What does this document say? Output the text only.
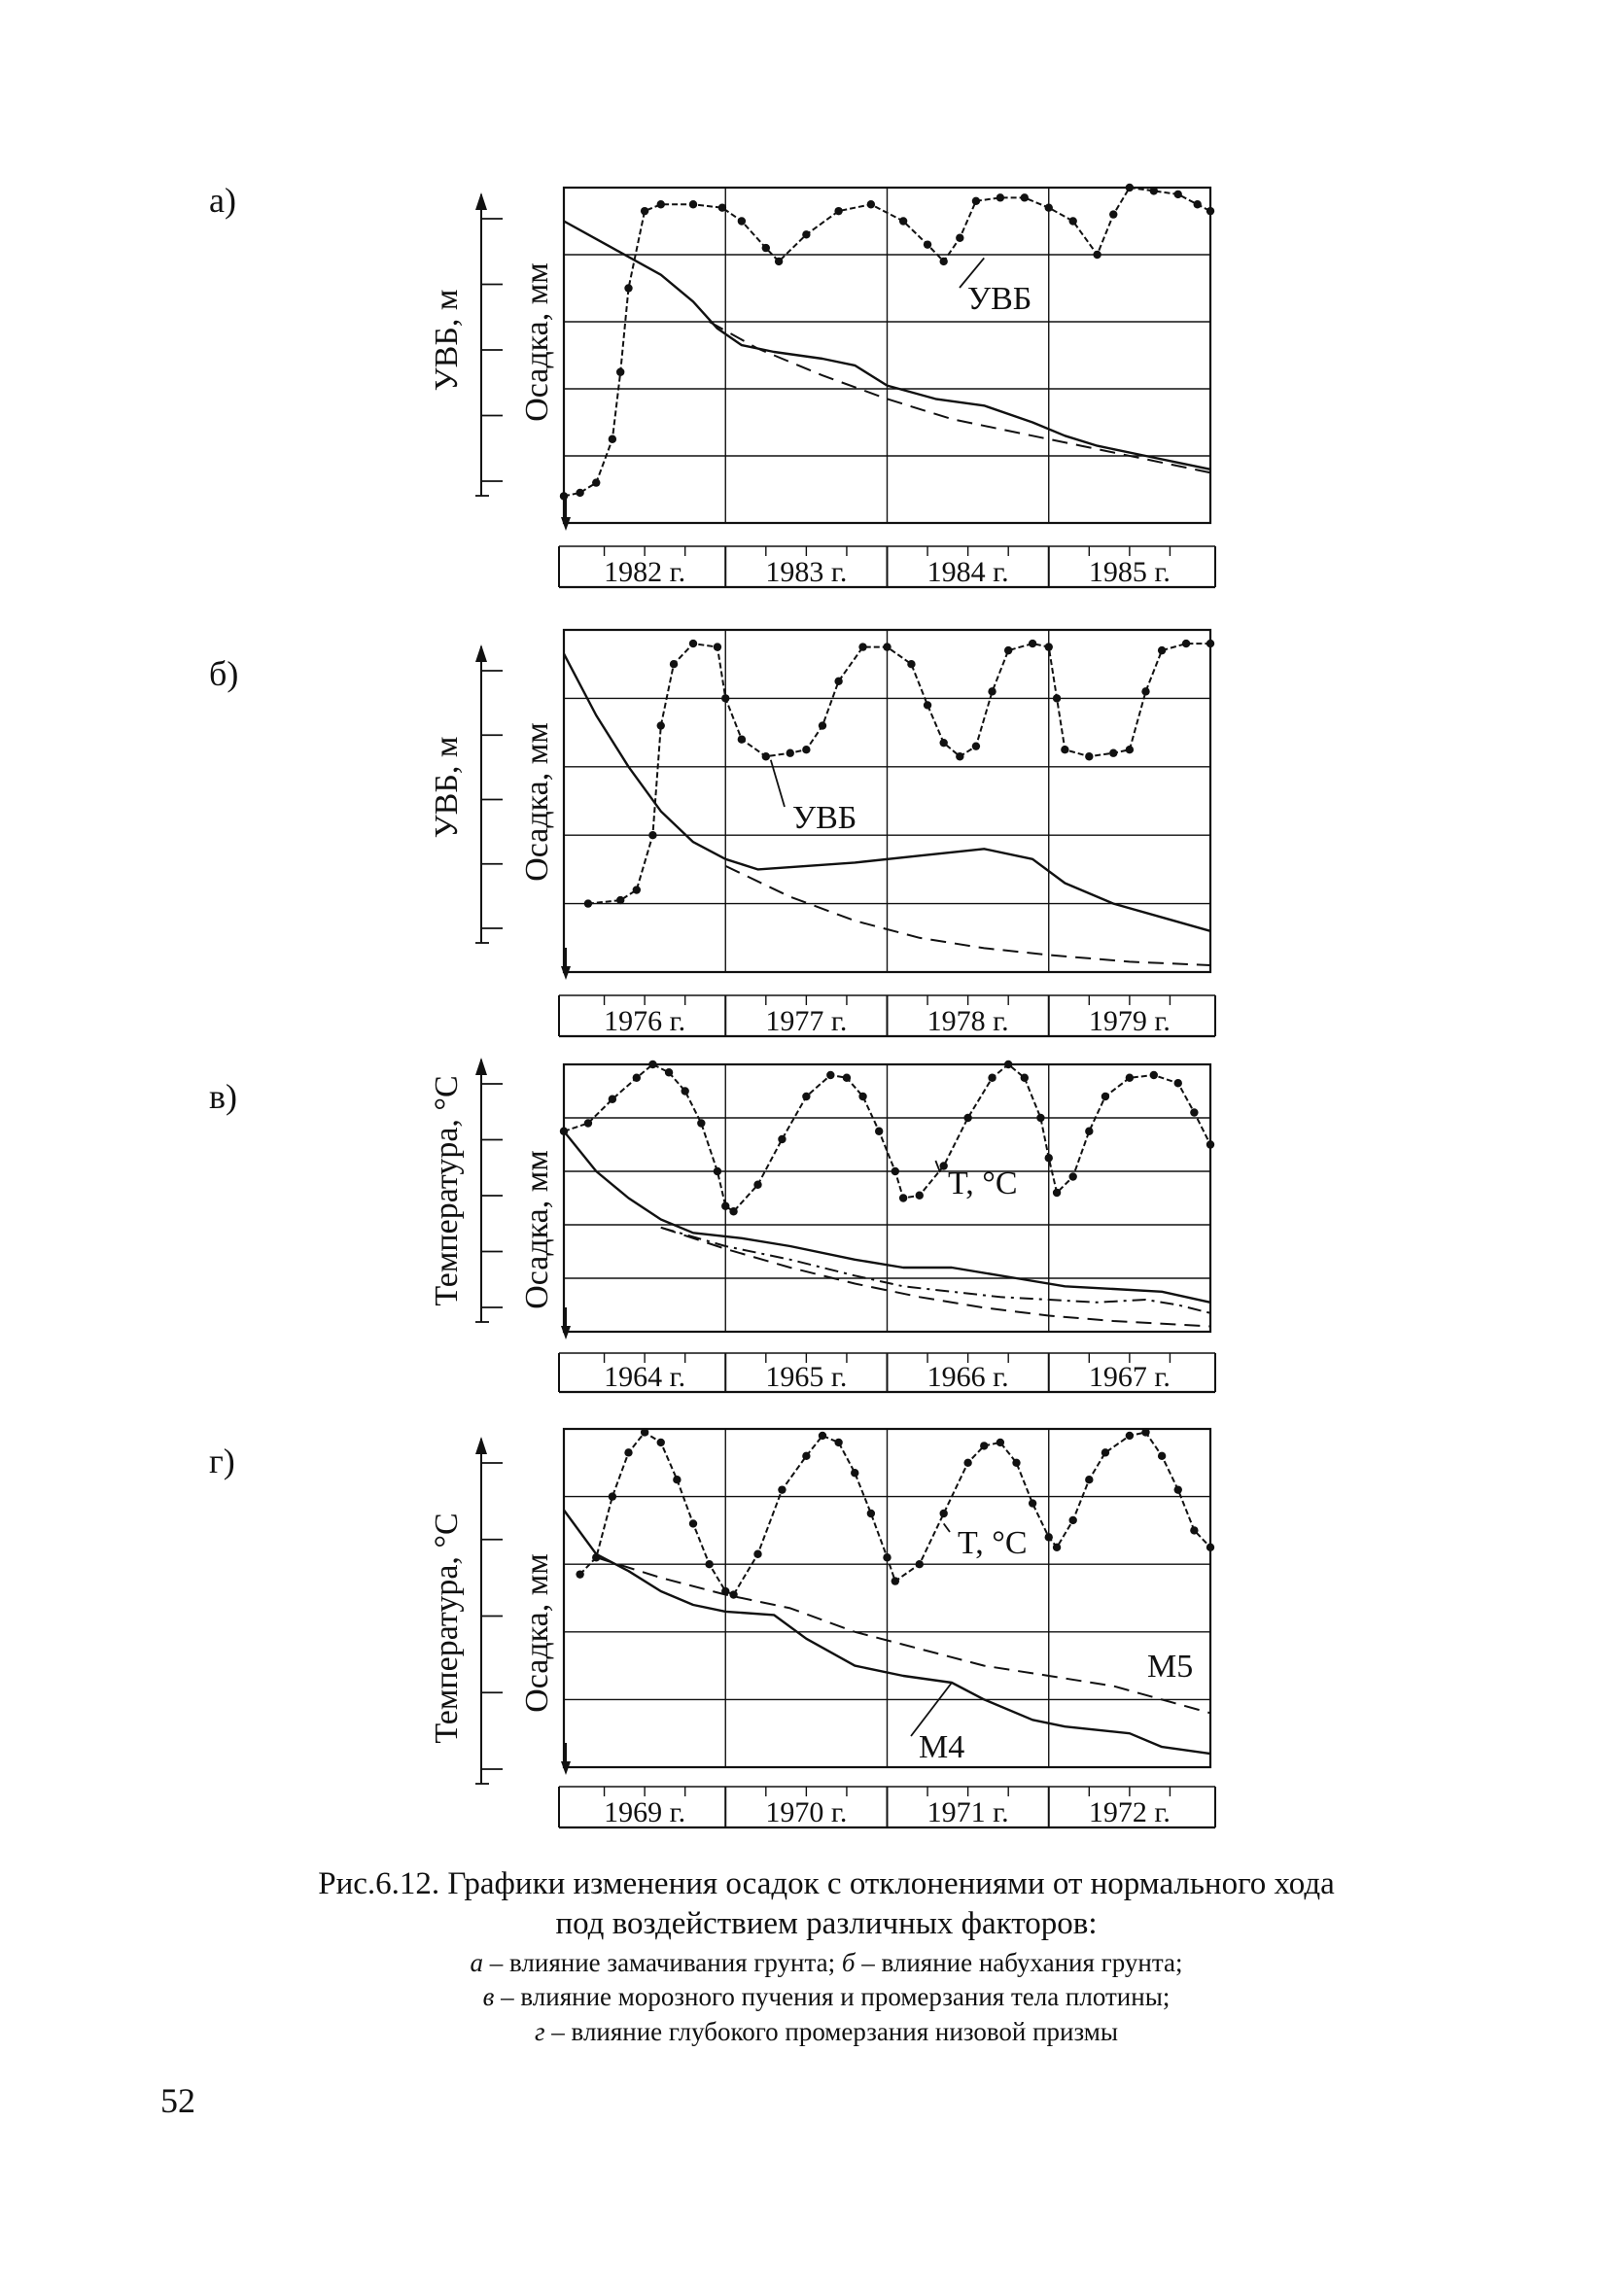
а)
УВБ, м Осадка, мм
1982 г.	1983 г.	1984 г.	1985 г.
УВБ
б)
УВБ, м Осадка, мм
1976 г.	1977 г.	1978 г.	1979 г.
УВБ
в)	Температура, °C Осадка, мм
1964 г.	1965 г.	1966 г.	1967 г.
T, °C
г)
Температура, °C Осадка, мм
1969 г.	1970 г.	1971 г.	1972 г.
T, °C
M5
M4

Рис.6.12. Графики изменения осадок с отклонениями от нормального хода

под воздействием различных факторов:

а – влияние замачивания грунта; б – влияние набухания грунта;

в – влияние морозного пучения и промерзания тела плотины;

г – влияние глубокого промерзания низовой призмы

52
